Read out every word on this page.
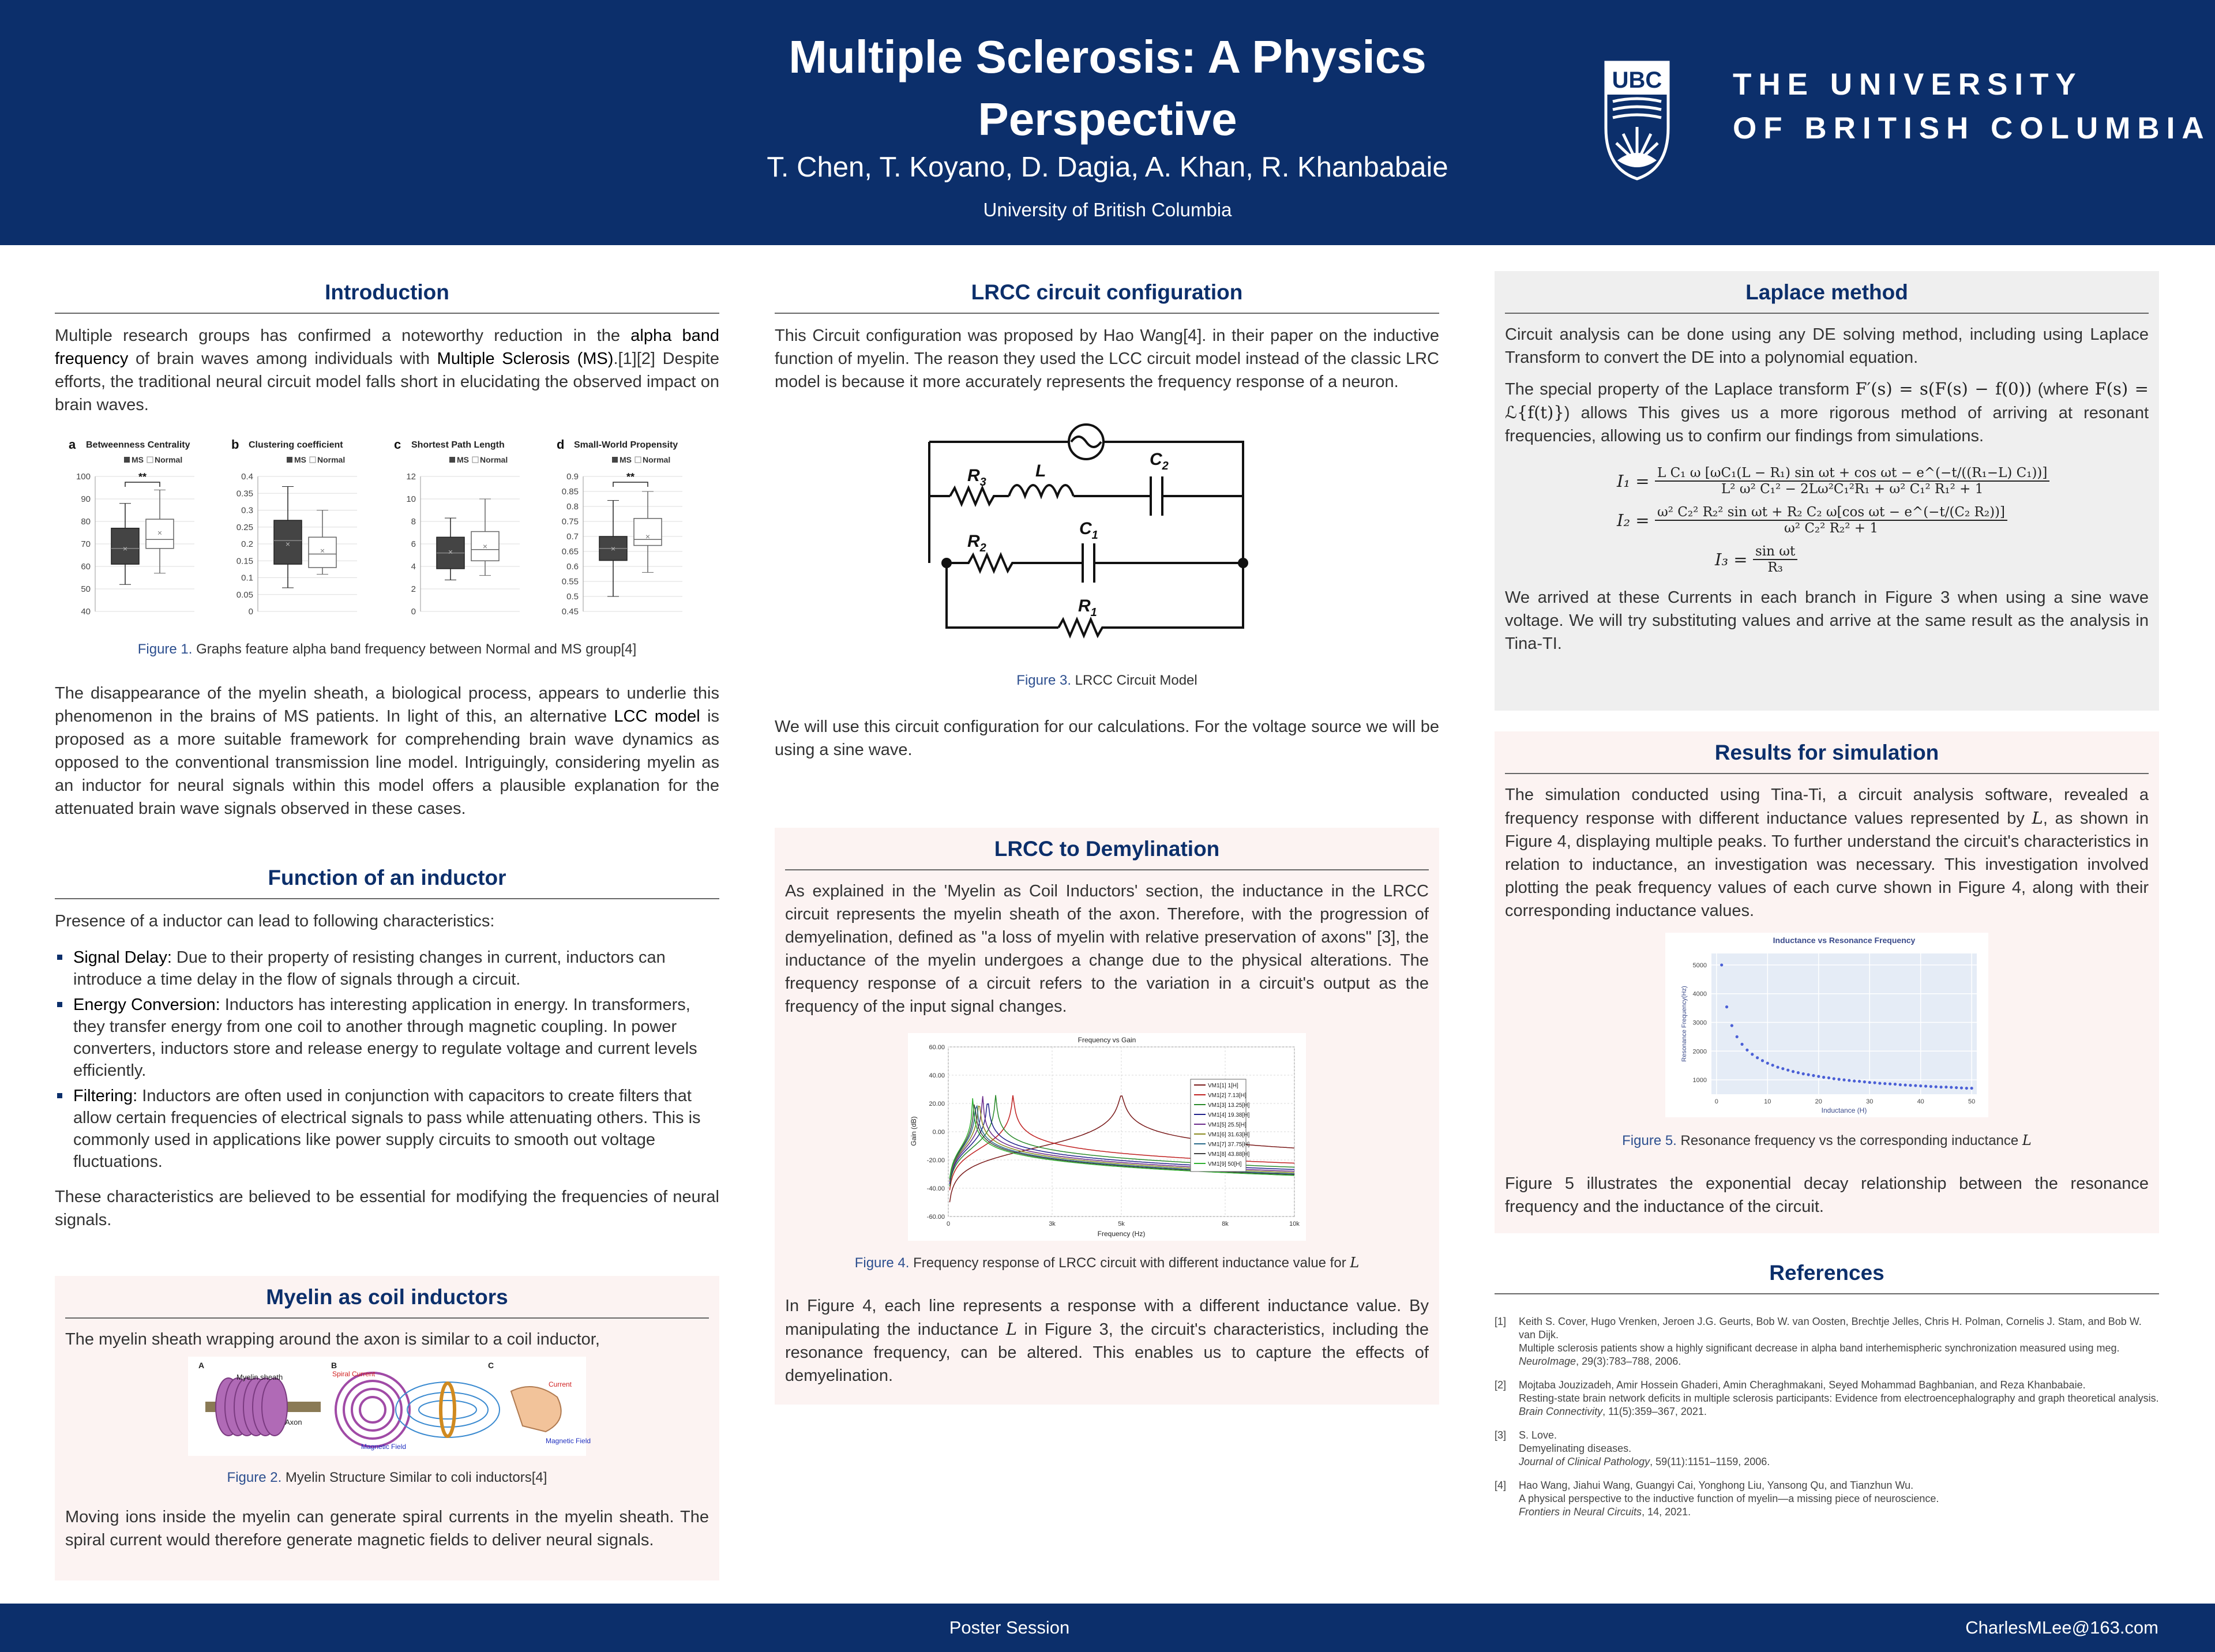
Multiple Sclerosis: A Physics Perspective
T. Chen, T. Koyano, D. Dagia, A. Khan, R. Khanbabaie
University of British Columbia
UBC THE UNIVERSITY
OF BRITISH COLUMBIA
Introduction
Multiple research groups has confirmed a noteworthy reduction in the alpha band frequency of brain waves among individuals with Multiple Sclerosis (MS).[1][2] Despite efforts, the traditional neural circuit model falls short in elucidating the observed impact on brain waves.
a Betweenness Centrality
MS Normal
100
90
80
70
60
50
40
×
×
**
b Clustering coefficient
MS Normal
0.4
0.35
0.3
0.25
0.2
0.15
0.1
0.05
0
×
×
c Shortest Path Length
MS Normal
12
10
8
6
4
2
0
×
×
d Small-World Propensity
MS Normal
0.9
0.85
0.8
0.75
0.7
0.65
0.6
0.55
0.5
0.45
×
×
**
Figure 1. Graphs feature alpha band frequency between Normal and MS group[4]
The disappearance of the myelin sheath, a biological process, appears to underlie this phenomenon in the brains of MS patients. In light of this, an alternative LCC model is proposed as a more suitable framework for comprehending brain wave dynamics as opposed to the conventional transmission line model. Intriguingly, considering myelin as an inductor for neural signals within this model offers a plausible explanation for the attenuated brain wave signals observed in these cases.
Function of an inductor
Presence of a inductor can lead to following characteristics:
Signal Delay: Due to their property of resisting changes in current, inductors can introduce a time delay in the flow of signals through a circuit.
Energy Conversion: Inductors has interesting application in energy. In transformers, they transfer energy from one coil to another through magnetic coupling. In power converters, inductors store and release energy to regulate voltage and current levels efficiently.
Filtering: Inductors are often used in conjunction with capacitors to create filters that allow certain frequencies of electrical signals to pass while attenuating others. This is commonly used in applications like power supply circuits to smooth out voltage fluctuations.
These characteristics are believed to be essential for modifying the frequencies of neural signals.
Myelin as coil inductors
The myelin sheath wrapping around the axon is similar to a coil inductor,
A	B	C
Myelin sheath
Axon
Spiral Current
Magnetic Field
Current
Magnetic Field
Figure 2. Myelin Structure Similar to coli inductors[4]
Moving ions inside the myelin can generate spiral currents in the myelin sheath. The spiral current would therefore generate magnetic fields to deliver neural signals.
LRCC circuit configuration
This Circuit configuration was proposed by Hao Wang[4]. in their paper on the inductive function of myelin. The reason they used the LCC circuit model instead of the classic LRC model is because it more accurately represents the frequency response of a neuron.
$R_3$
L
$C_2$
$R_2$
$C_1$
$R_1$
Figure 3. LRCC Circuit Model
We will use this circuit configuration for our calculations. For the voltage source we will be using a sine wave.
LRCC to Demylination
As explained in the 'Myelin as Coil Inductors' section, the inductance in the LRCC circuit represents the myelin sheath of the axon. Therefore, with the progression of demyelination, defined as "a loss of myelin with relative preservation of axons" [3], the inductance of the myelin undergoes a change due to the physical alterations. The frequency response of a circuit refers to the variation in a circuit's output as the frequency of the input signal changes.
Frequency vs Gain
60.00
40.00
20.00
0.00
-20.00
-40.00
-60.00
0	3k	5k	8k	10k
Frequency (Hz)
Gain (dB)
VM1[1] 1[H]
VM1[2] 7.13[H]
VM1[3] 13.25[H]
VM1[4] 19.38[H]
VM1[5] 25.5[H]
VM1[6] 31.63[H]
VM1[7] 37.75[H]
VM1[8] 43.88[H]
VM1[9] 50[H]
Figure 4. Frequency response of LRCC circuit with different inductance value for L
In Figure 4, each line represents a response with a different inductance value. By manipulating the inductance L in Figure 3, the circuit's characteristics, including the resonance frequency, can be altered. This enables us to capture the effects of demyelination.
Laplace method
Circuit analysis can be done using any DE solving method, including using Laplace Transform to convert the DE into a polynomial equation.
The special property of the Laplace transform F′(s) = s(F(s) − f(0)) (where F(s) = ℒ{f(t)}) allows This gives us a more rigorous method of arriving at resonant frequencies, allowing us to confirm our findings from simulations.
$I_1 = \frac{\text{L C₁ ω [ωC₁(L − R₁) sin ωt + cos ωt − e\textasciicircum{}(−t/((R₁−L) C₁))]}}{\text{L² ω² C₁² − 2Lω²C₁²R₁ + ω² C₁² R₁² + 1}}$
$I_2 = \frac{\text{ω² C₂² R₂² sin ωt + R₂ C₂ ω[cos ωt − e\textasciicircum{}(−t/(C₂ R₂))]}}{\text{ω² C₂² R₂² + 1}}$
$I_3 = \frac{\text{sin ωt}}{\text{R₃}}$
We arrived at these Currents in each branch in Figure 3 when using a sine wave voltage. We will try substituting values and arrive at the same result as the analysis in Tina-TI.
Results for simulation
The simulation conducted using Tina-Ti, a circuit analysis software, revealed a frequency response with different inductance values represented by L, as shown in Figure 4, displaying multiple peaks. To further understand the circuit's characteristics in relation to inductance, an investigation was necessary. This investigation involved plotting the peak frequency values of each curve shown in Figure 4, along with their corresponding inductance values.
Inductance vs Resonance Frequency
5000
4000
3000
2000
1000
0	10	20	30	40	50
Inductance (H)
Resonance Frequency(Hz)
Figure 5. Resonance frequency vs the corresponding inductance L
Figure 5 illustrates the exponential decay relationship between the resonance frequency and the inductance of the circuit.
References
[1] Keith S. Cover, Hugo Vrenken, Jeroen J.G. Geurts, Bob W. van Oosten, Brechtje Jelles, Chris H. Polman, Cornelis J. Stam, and Bob W. van Dijk.
Multiple sclerosis patients show a highly significant decrease in alpha band interhemispheric synchronization measured using meg.
NeuroImage, 29(3):783–788, 2006.
[2] Mojtaba Jouzizadeh, Amir Hossein Ghaderi, Amin Cheraghmakani, Seyed Mohammad Baghbanian, and Reza Khanbabaie.
Resting-state brain network deficits in multiple sclerosis participants: Evidence from electroencephalography and graph theoretical analysis.
Brain Connectivity, 11(5):359–367, 2021.
[3] S. Love.
Demyelinating diseases.
Journal of Clinical Pathology, 59(11):1151–1159, 2006.
[4] Hao Wang, Jiahui Wang, Guangyi Cai, Yonghong Liu, Yansong Qu, and Tianzhun Wu.
A physical perspective to the inductive function of myelin—a missing piece of neuroscience.
Frontiers in Neural Circuits, 14, 2021.
Poster Session	CharlesMLee@163.com
